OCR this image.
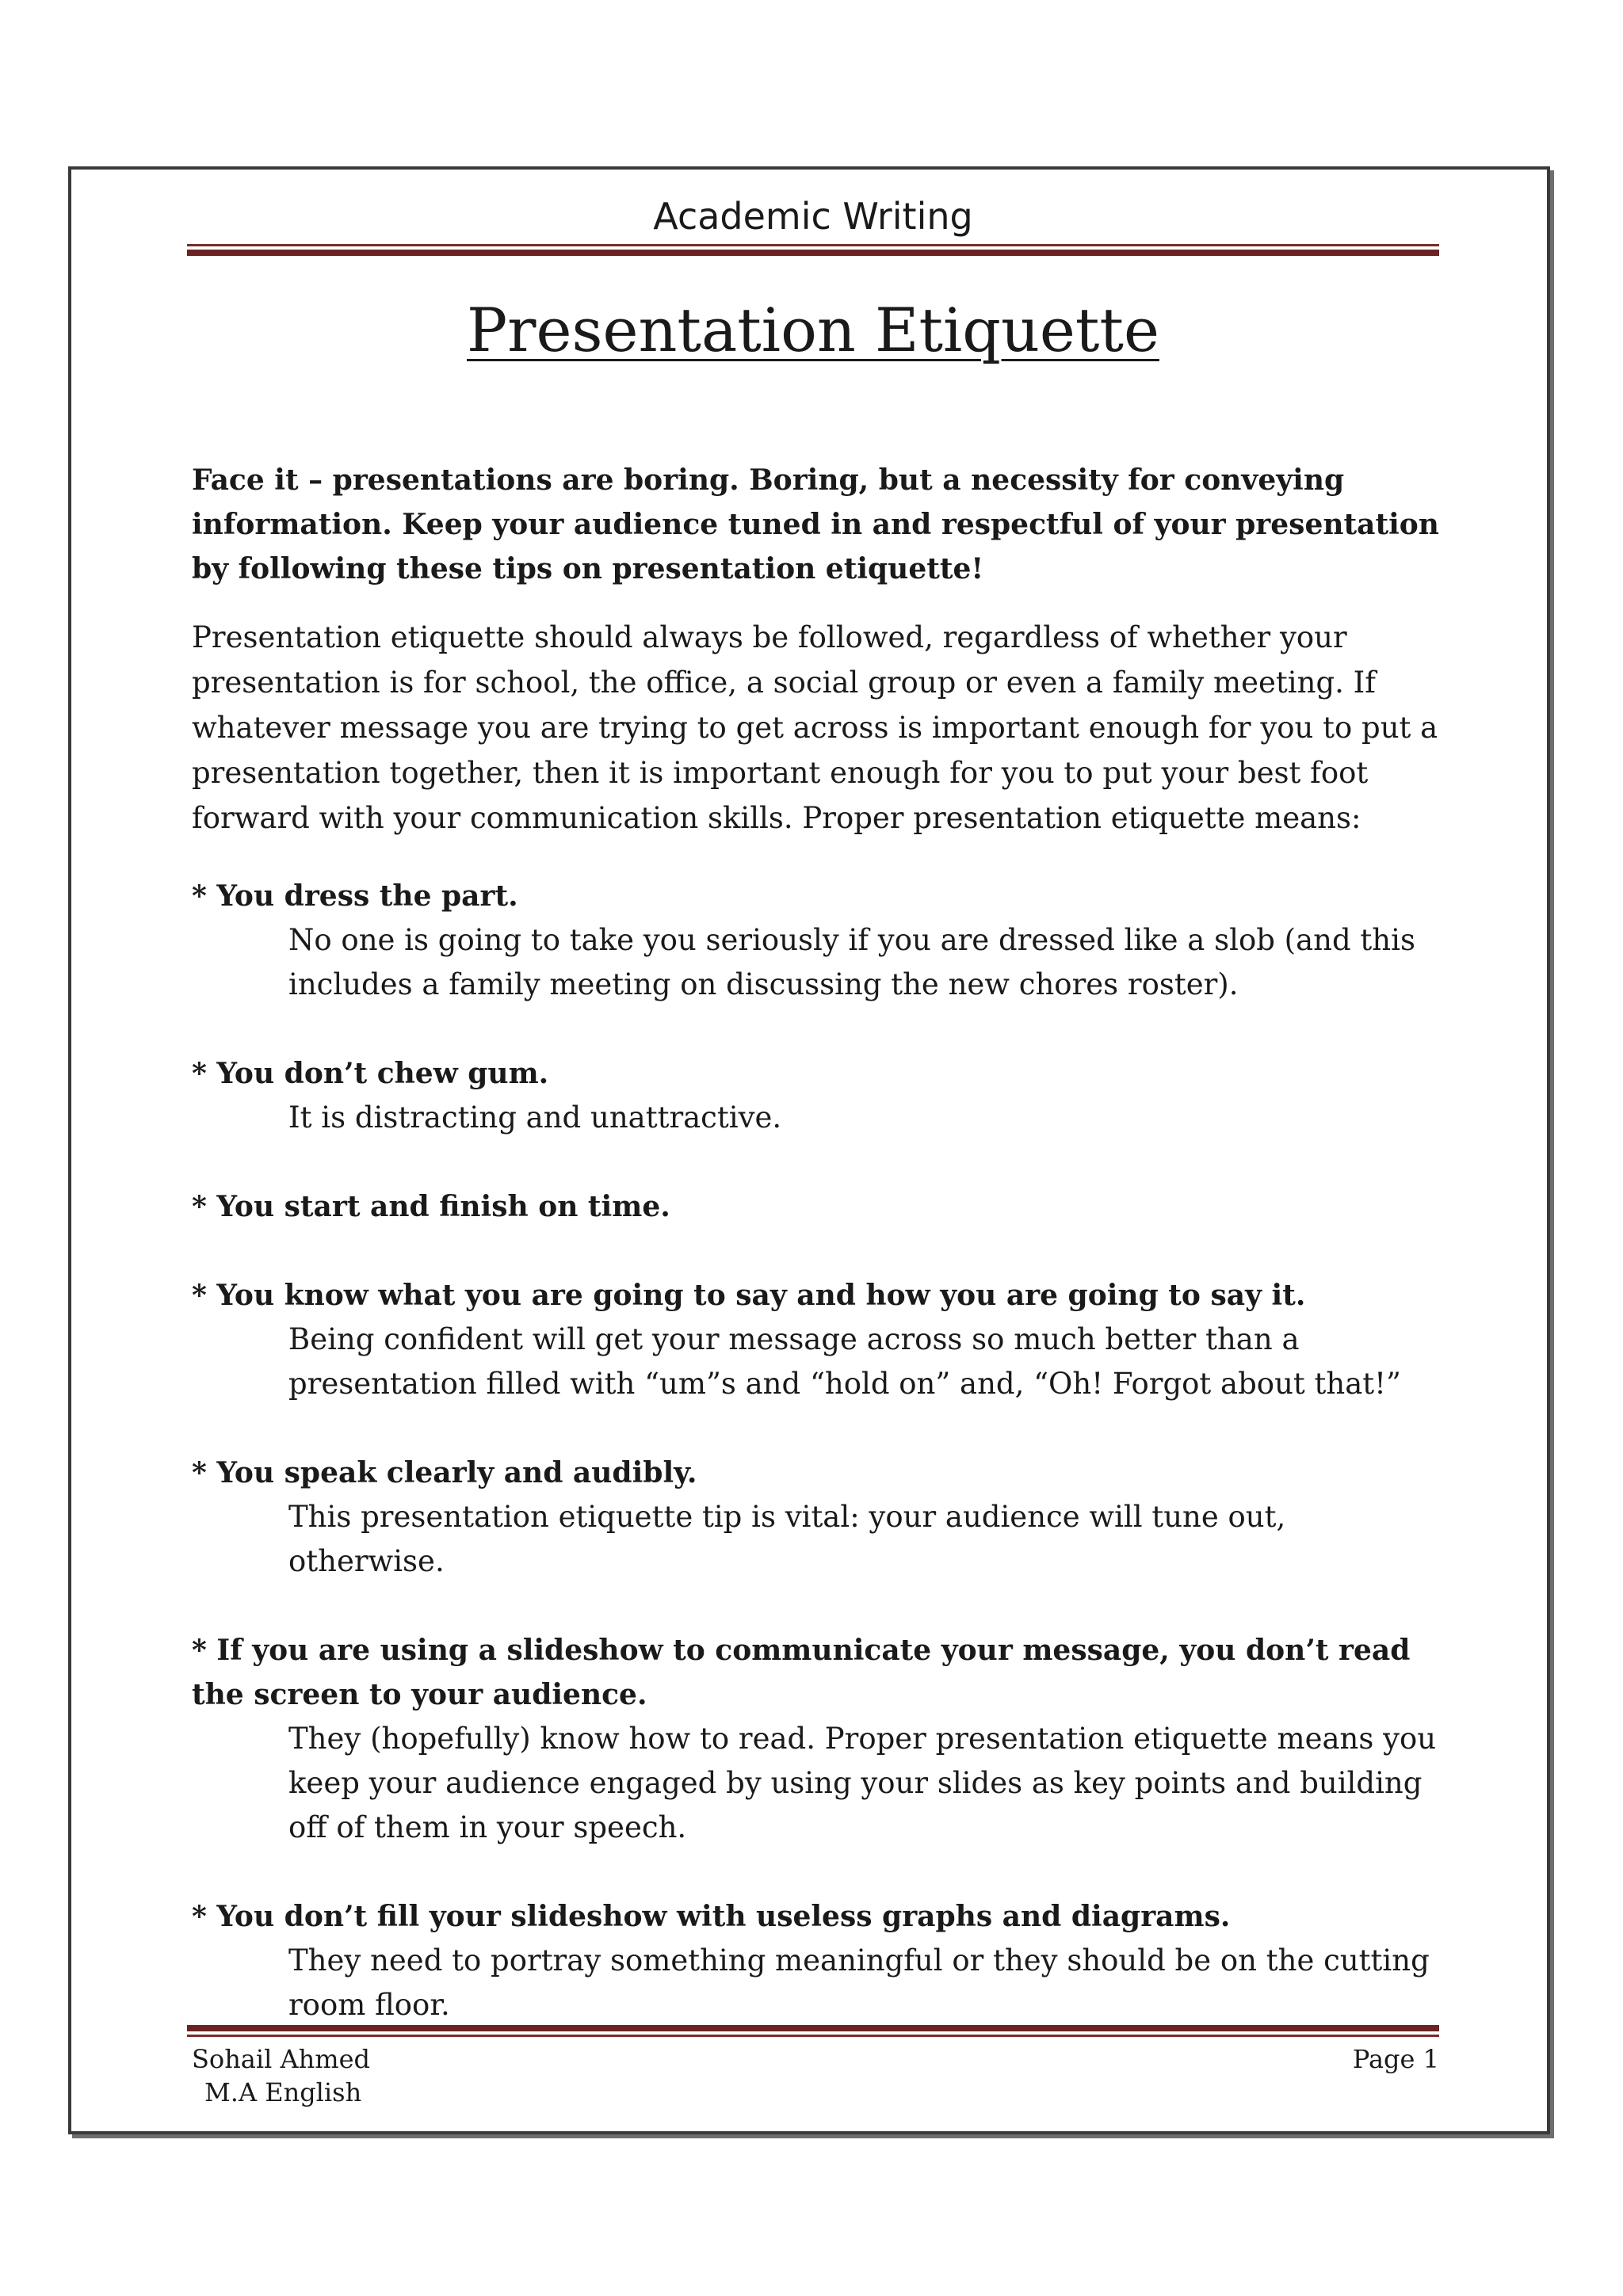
Academic Writing
Presentation Etiquette

Face it – presentations are boring. Boring, but a necessity for conveying information. Keep your audience tuned in and respectful of your presentation by following these tips on presentation etiquette!

Presentation etiquette should always be followed, regardless of whether your presentation is for school, the office, a social group or even a family meeting. If whatever message you are trying to get across is important enough for you to put a presentation together, then it is important enough for you to put your best foot forward with your communication skills. Proper presentation etiquette means:

* You dress the part.

No one is going to take you seriously if you are dressed like a slob (and this includes a family meeting on discussing the new chores roster).

* You don’t chew gum.

It is distracting and unattractive.

* You start and finish on time.

* You know what you are going to say and how you are going to say it.

Being confident will get your message across so much better than a presentation filled with “um”s and “hold on” and, “Oh! Forgot about that!”

* You speak clearly and audibly.

This presentation etiquette tip is vital: your audience will tune out, otherwise.

* If you are using a slideshow to communicate your message, you don’t read the screen to your audience.

They (hopefully) know how to read. Proper presentation etiquette means you keep your audience engaged by using your slides as key points and building off of them in your speech.

* You don’t fill your slideshow with useless graphs and diagrams.

They need to portray something meaningful or they should be on the cutting room floor.

Sohail Ahmed
M.A English
Page 1
